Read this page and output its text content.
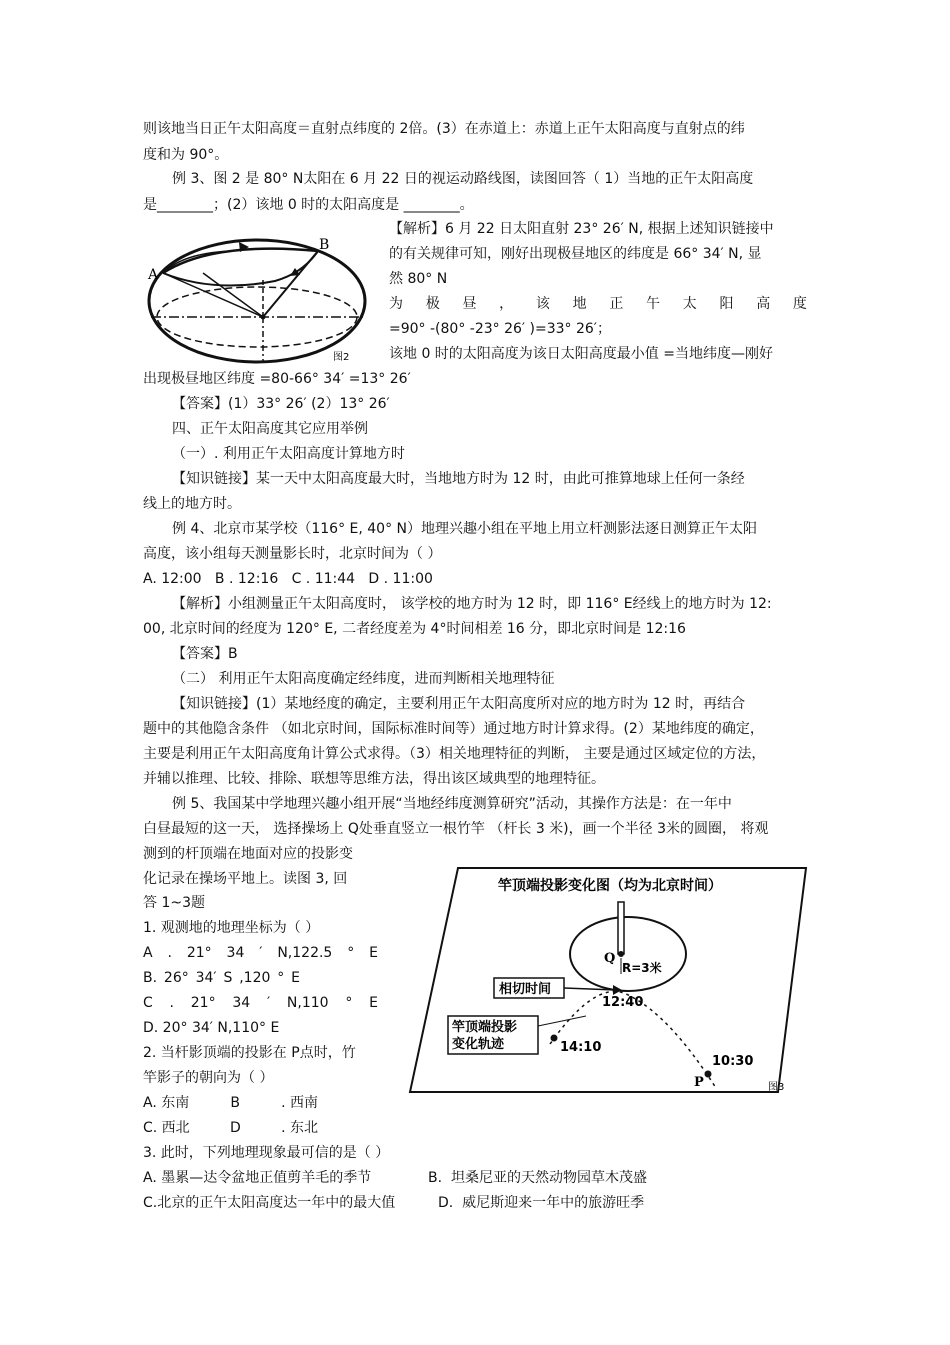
则该地当日正午太阳高度＝直射点纬度的 2倍。(3）在赤道上：赤道上正午太阳高度与直射点的纬
度和为 90°。
例 3、图 2 是 80° N太阳在 6 月 22 日的视运动路线图，读图回答（ 1）当地的正午太阳高度
是________；(2）该地 0 时的太阳高度是 ________。
A
B
图2
【解析】6 月 22 日太阳直射 23° 26′ N, 根据上述知识链接中
的有关规律可知，刚好出现极昼地区的纬度是 66° 34′ N, 显
然 80° N
为 极 昼 ， 该 地 正 午 太 阳 高 度
=90° -(80° -23° 26′ )=33° 26′；
该地 0 时的太阳高度为该日太阳高度最小值 =当地纬度—刚好
出现极昼地区纬度 =80-66° 34′ =13° 26′
【答案】(1）33° 26′ (2）13° 26′
四、正午太阳高度其它应用举例
（一）. 利用正午太阳高度计算地方时
【知识链接】某一天中太阳高度最大时，当地地方时为 12 时，由此可推算地球上任何一条经
线上的地方时。
例 4、北京市某学校（116° E, 40° N）地理兴趣小组在平地上用立杆测影法逐日测算正午太阳
高度，该小组每天测量影长时，北京时间为（ ）
A. 12:00   B . 12:16   C . 11:44   D . 11:00
【解析】小组测量正午太阳高度时， 该学校的地方时为 12 时，即 116° E经线上的地方时为 12:
00, 北京时间的经度为 120° E, 二者经度差为 4°时间相差 16 分，即北京时间是 12:16
【答案】B
（二） 利用正午太阳高度确定经纬度，进而判断相关地理特征
【知识链接】(1）某地经度的确定，主要利用正午太阳高度所对应的地方时为 12 时，再结合
题中的其他隐含条件 （如北京时间，国际标准时间等）通过地方时计算求得。(2）某地纬度的确定，
主要是利用正午太阳高度角计算公式求得。（3）相关地理特征的判断， 主要是通过区域定位的方法，
并辅以推理、比较、排除、联想等思维方法，得出该区域典型的地理特征。
例 5、我国某中学地理兴趣小组开展“当地经纬度测算研究”活动，其操作方法是：在一年中
白昼最短的这一天， 选择操场上 Q处垂直竖立一根竹竿 （杆长 3 米)，画一个半径 3米的圆圈， 将观
测到的杆顶端在地面对应的投影变
化记录在操场平地上。读图 3, 回
答 1~3题
1. 观测地的地理坐标为（ ）
A . 21° 34 ′ N,122.5 ° E
B. 26° 34′ S ,120 ° E
C . 21° 34 ′ N,110 ° E
D. 20° 34′ N,110° E
2. 当杆影顶端的投影在 P点时，竹
竿影子的朝向为（ ）
A. 东南	B	. 西南
C. 西北	D	. 东北
3. 此时，下列地理现象最可信的是（ ）
A. 墨累—达令盆地正值剪羊毛的季节	B.  坦桑尼亚的天然动物园草木茂盛
C.北京的正午太阳高度达一年中的最大值	D.  威尼斯迎来一年中的旅游旺季
竿顶端投影变化图（均为北京时间）
Q
R=3米
相切时间
12:40
竿顶端投影
变化轨迹	14:10
10:30
P	图3
